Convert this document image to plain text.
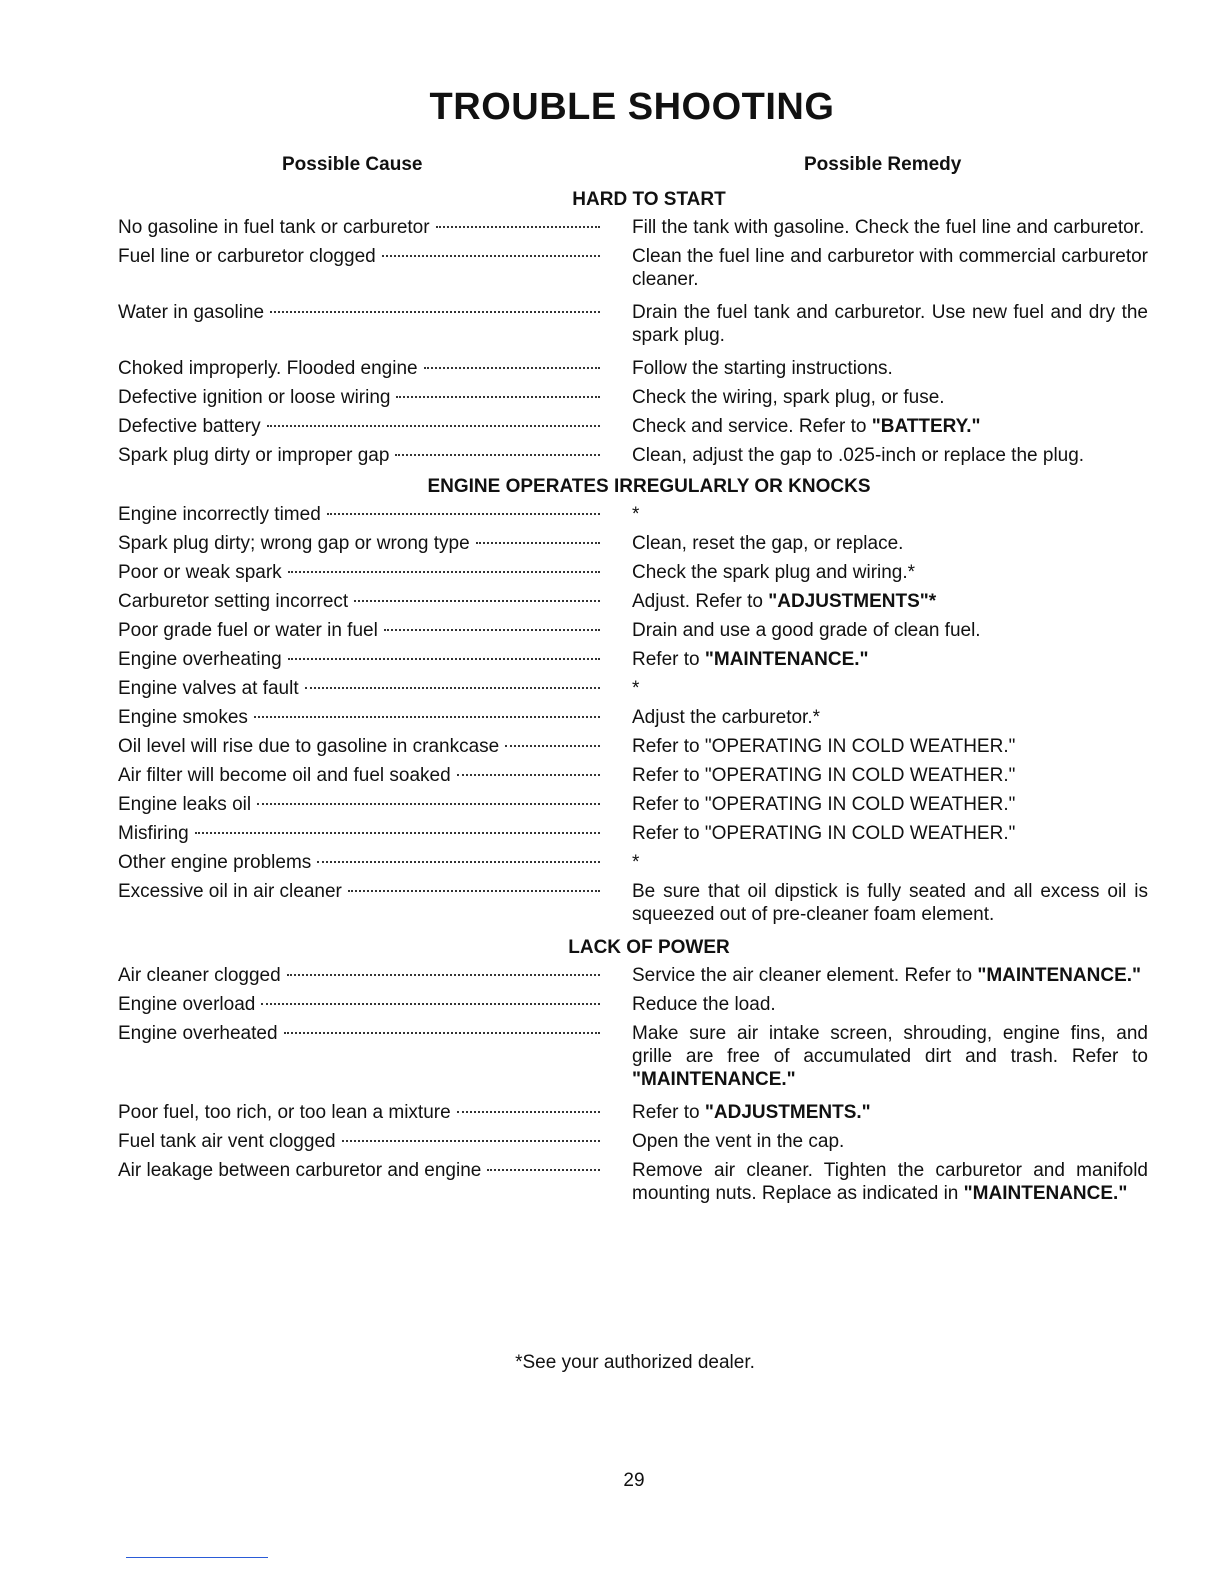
TROUBLE SHOOTING
Possible Cause	Possible Remedy
HARD TO START
No gasoline in fuel tank or carburetor	Fill the tank with gasoline. Check the fuel line and carburetor.
Fuel line or carburetor clogged	Clean the fuel line and carburetor with commercial carburetor cleaner.
Water in gasoline	Drain the fuel tank and carburetor. Use new fuel and dry the spark plug.
Choked improperly. Flooded engine	Follow the starting instructions.
Defective ignition or loose wiring	Check the wiring, spark plug, or fuse.
Defective battery	Check and service. Refer to "BATTERY."
Spark plug dirty or improper gap	Clean, adjust the gap to .025-inch or replace the plug.
ENGINE OPERATES IRREGULARLY OR KNOCKS
Engine incorrectly timed	*
Spark plug dirty; wrong gap or wrong type	Clean, reset the gap, or replace.
Poor or weak spark	Check the spark plug and wiring.*
Carburetor setting incorrect	Adjust. Refer to "ADJUSTMENTS"*
Poor grade fuel or water in fuel	Drain and use a good grade of clean fuel.
Engine overheating	Refer to "MAINTENANCE."
Engine valves at fault	*
Engine smokes	Adjust the carburetor.*
Oil level will rise due to gasoline in crankcase	Refer to "OPERATING IN COLD WEATHER."
Air filter will become oil and fuel soaked	Refer to "OPERATING IN COLD WEATHER."
Engine leaks oil	Refer to "OPERATING IN COLD WEATHER."
Misfiring	Refer to "OPERATING IN COLD WEATHER."
Other engine problems	*
Excessive oil in air cleaner	Be sure that oil dipstick is fully seated and all excess oil is squeezed out of pre-cleaner foam element.
LACK OF POWER
Air cleaner clogged	Service the air cleaner element. Refer to "MAINTENANCE."
Engine overload	Reduce the load.
Engine overheated	Make sure air intake screen, shrouding, engine fins, and grille are free of accumulated dirt and trash. Refer to "MAINTENANCE."
Poor fuel, too rich, or too lean a mixture	Refer to "ADJUSTMENTS."
Fuel tank air vent clogged	Open the vent in the cap.
Air leakage between carburetor and engine	Remove air cleaner. Tighten the carburetor and manifold mounting nuts. Replace as indicated in "MAINTENANCE."
*See your authorized dealer.
29
